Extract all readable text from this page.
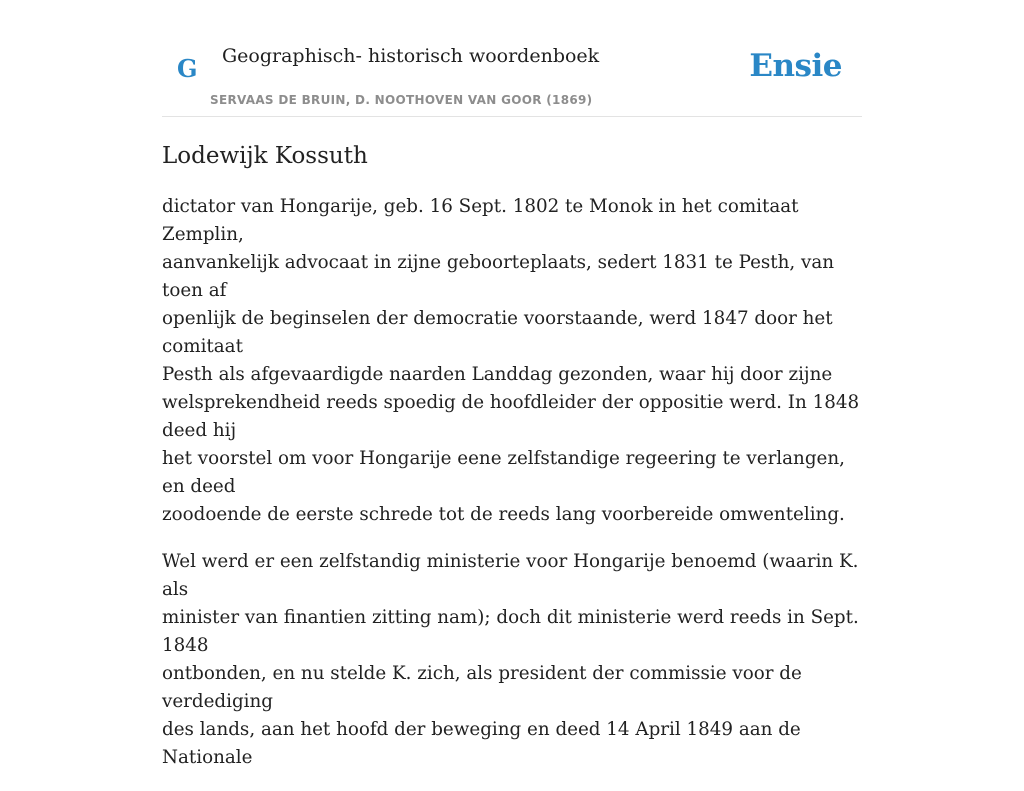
G Geographisch- historisch woordenboek
SERVAAS DE BRUIN, D. NOOTHOVEN VAN GOOR (1869)
Ensie
Lodewijk Kossuth

dictator van Hongarije, geb. 16 Sept. 1802 te Monok in het comitaat Zemplin,
aanvankelijk advocaat in zijne geboorteplaats, sedert 1831 te Pesth, van toen af
openlijk de beginselen der democratie voorstaande, werd 1847 door het comitaat
Pesth als afgevaardigde naarden Landdag gezonden, waar hij door zijne
welsprekendheid reeds spoedig de hoofdleider der oppositie werd. In 1848 deed hij
het voorstel om voor Hongarije eene zelfstandige regeering te verlangen, en deed
zoodoende de eerste schrede tot de reeds lang voorbereide omwenteling.

Wel werd er een zelfstandig ministerie voor Hongarije benoemd (waarin K. als
minister van finantien zitting nam); doch dit ministerie werd reeds in Sept. 1848
ontbonden, en nu stelde K. zich, als president der commissie voor de verdediging
des lands, aan het hoofd der beweging en deed 14 April 1849 aan de Nationale
